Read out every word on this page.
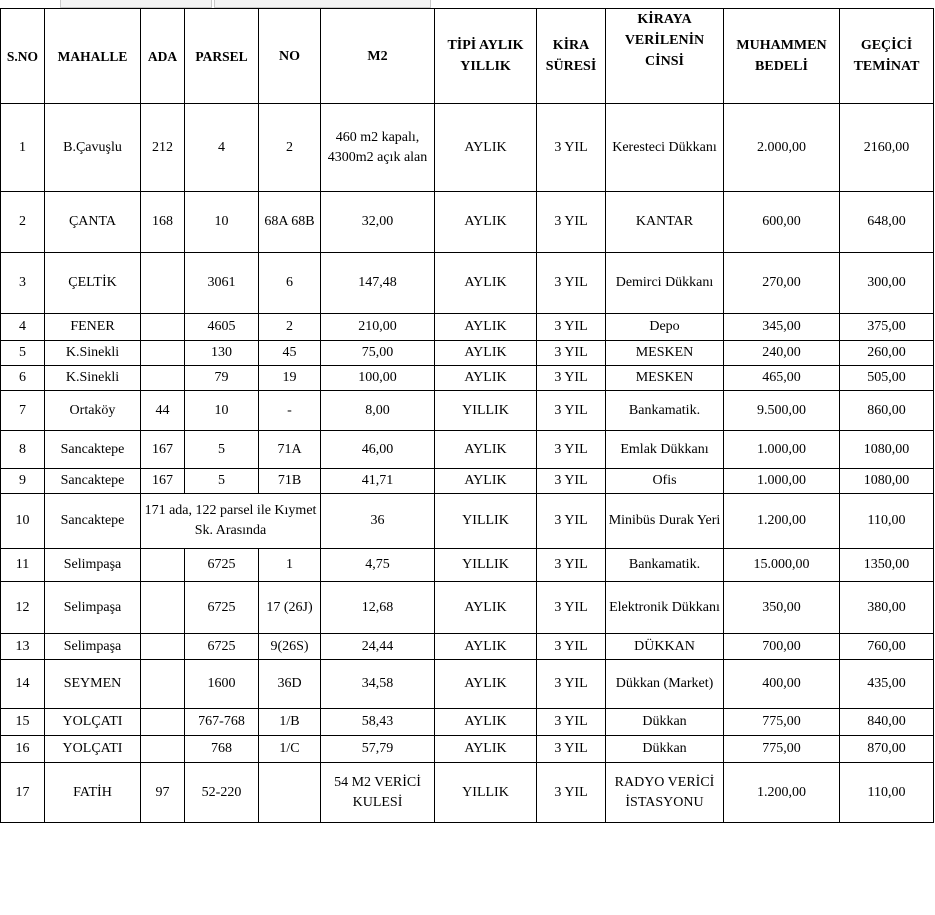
S.NO	MAHALLE	ADA	PARSEL	NO	M2	TİPİ AYLIK YILLIK	KİRA SÜRESİ	KİRAYA VERİLENİN CİNSİ	MUHAMMEN BEDELİ	GEÇİCİ TEMİNAT
1	B.Çavuşlu	212	4	2	460 m2 kapalı, 4300m2 açık alan	AYLIK	3 YIL	Keresteci Dükkanı	2.000,00	2160,00
2	ÇANTA	168	10	68A 68B	32,00	AYLIK	3 YIL	KANTAR	600,00	648,00
3	ÇELTİK		3061	6	147,48	AYLIK	3 YIL	Demirci Dükkanı	270,00	300,00
4	FENER		4605	2	210,00	AYLIK	3 YIL	Depo	345,00	375,00
5	K.Sinekli		130	45	75,00	AYLIK	3 YIL	MESKEN	240,00	260,00
6	K.Sinekli		79	19	100,00	AYLIK	3 YIL	MESKEN	465,00	505,00
7	Ortaköy	44	10	-	8,00	YILLIK	3 YIL	Bankamatik.	9.500,00	860,00
8	Sancaktepe	167	5	71A	46,00	AYLIK	3 YIL	Emlak Dükkanı	1.000,00	1080,00
9	Sancaktepe	167	5	71B	41,71	AYLIK	3 YIL	Ofis	1.000,00	1080,00
10	Sancaktepe	171 ada, 122 parsel ile Kıymet Sk. Arasında			36	YILLIK	3 YIL	Minibüs Durak Yeri	1.200,00	110,00
11	Selimpaşa		6725	1	4,75	YILLIK	3 YIL	Bankamatik.	15.000,00	1350,00
12	Selimpaşa		6725	17 (26J)	12,68	AYLIK	3 YIL	Elektronik Dükkanı	350,00	380,00
13	Selimpaşa		6725	9(26S)	24,44	AYLIK	3 YIL	DÜKKAN	700,00	760,00
14	SEYMEN		1600	36D	34,58	AYLIK	3 YIL	Dükkan (Market)	400,00	435,00
15	YOLÇATI		767-768	1/B	58,43	AYLIK	3 YIL	Dükkan	775,00	840,00
16	YOLÇATI		768	1/C	57,79	AYLIK	3 YIL	Dükkan	775,00	870,00
17	FATİH	97	52-220		54 M2 VERİCİ KULESİ	YILLIK	3 YIL	RADYO VERİCİ İSTASYONU	1.200,00	110,00
